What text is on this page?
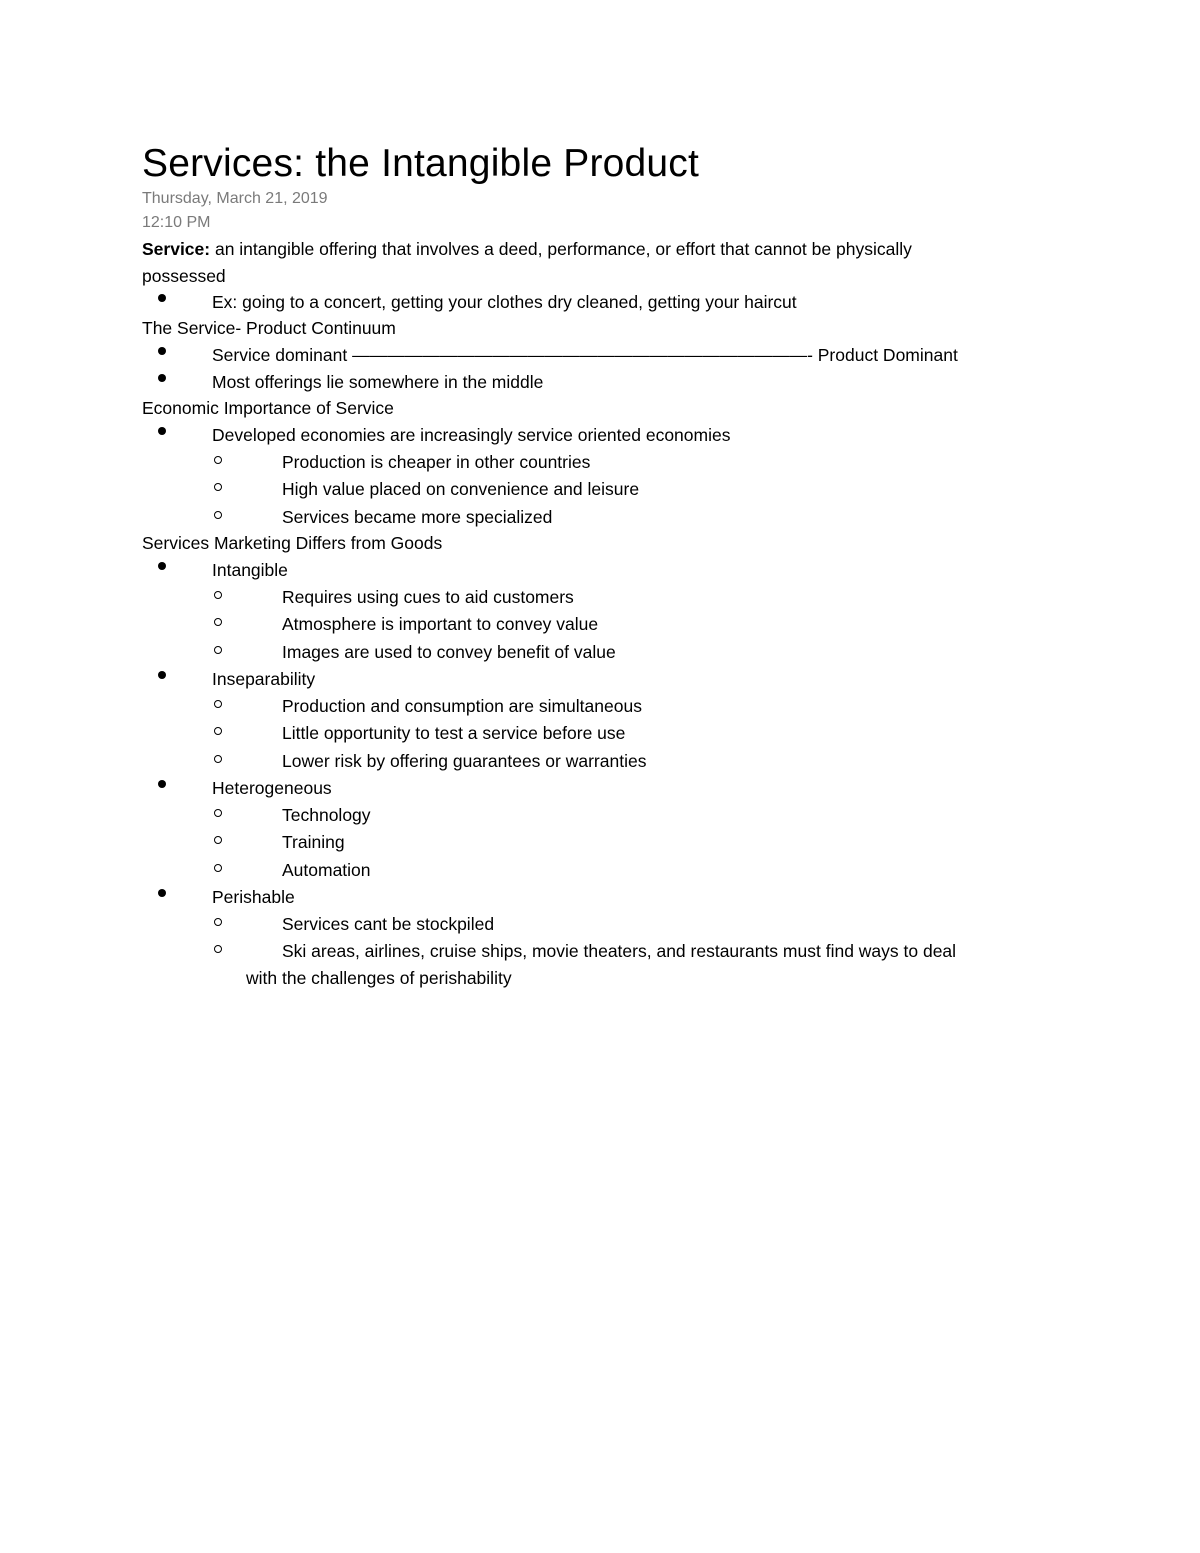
Services: the Intangible Product
Thursday, March 21, 2019
12:10 PM
Service: an intangible offering that involves a deed, performance, or effort that cannot be physically
possessed
Ex: going to a concert, getting your clothes dry cleaned, getting your haircut
The Service- Product Continuum
Service dominant ——————————————————————————- Product Dominant
Most offerings lie somewhere in the middle
Economic Importance of Service
Developed economies are increasingly service oriented economies
Production is cheaper in other countries
High value placed on convenience and leisure
Services became more specialized
Services Marketing Differs from Goods
Intangible
Requires using cues to aid customers
Atmosphere is important to convey value
Images are used to convey benefit of value
Inseparability
Production and consumption are simultaneous
Little opportunity to test a service before use
Lower risk by offering guarantees or warranties
Heterogeneous
Technology
Training
Automation
Perishable
Services cant be stockpiled
Ski areas, airlines, cruise ships, movie theaters, and restaurants must find ways to deal
with the challenges of perishability
